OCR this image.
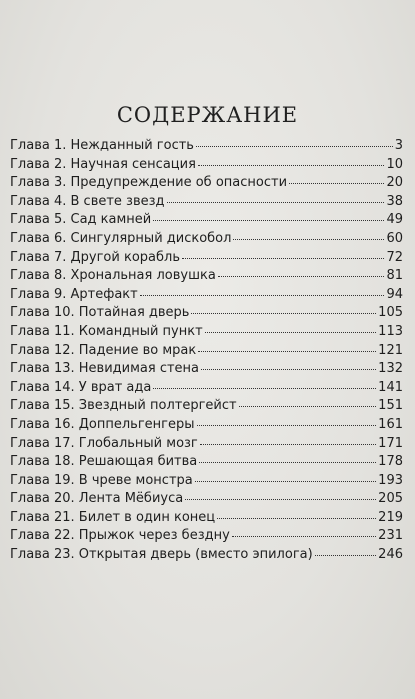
СОДЕРЖАНИЕ
Глава 1. Нежданный гость	3
Глава 2. Научная сенсация	10
Глава 3. Предупреждение об опасности	20
Глава 4. В свете звезд	38
Глава 5. Сад камней	49
Глава 6. Сингулярный дискобол	60
Глава 7. Другой корабль	72
Глава 8. Хрональная ловушка	81
Глава 9. Артефакт	94
Глава 10. Потайная дверь	105
Глава 11. Командный пункт	113
Глава 12. Падение во мрак	121
Глава 13. Невидимая стена	132
Глава 14. У врат ада	141
Глава 15. Звездный полтергейст	151
Глава 16. Доппельгенгеры	161
Глава 17. Глобальный мозг	171
Глава 18. Решающая битва	178
Глава 19. В чреве монстра	193
Глава 20. Лента Мёбиуса	205
Глава 21. Билет в один конец	219
Глава 22. Прыжок через бездну	231
Глава 23. Открытая дверь (вместо эпилога)	246
